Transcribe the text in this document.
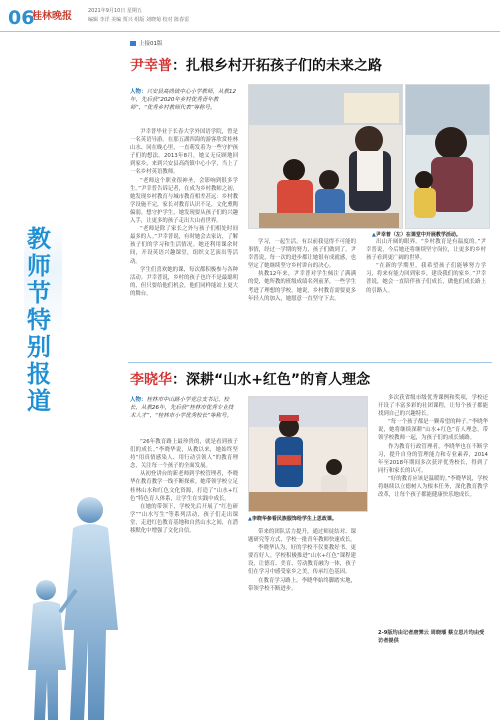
06
桂林晚报	2021年9月10日 星期五
编辑 李洋 美编 贾兴 组版 刘晓菊 校对 陈春雷
上接01版
教
师
节
特
别
报
道
尹幸普：扎根乡村开拓孩子们的未来之路
人物：兴安县高尚镇中心小学教师，从教12年，先后获“2020年乡村优秀青年教师”、“优秀乡村教师代表”等称号。

尹幸普毕业于长春大学外国语学院，曾是一名英语导游。在那五湖四海的游客欣赏桂林山水、同在晚心里，一直萌发着为一些守护孩子们的想法。2013年8月，她义无反顾地回到家乡，来到兴安县高尚镇中心小学，当上了一名乡村英语教师。

“老师这个职业很神圣，会影响到很多学生。”尹幸普告诉记者，在成为乡村教师之初，她发现乡村教育与城市教育相差甚远：乡村教学设施不完，家长对教育认识不足，文化熏陶偏弱。想守护学生，她发现要从孩子们的兴趣入手，让更多的孩子走出大山看世界。

“老师是除了家长之外与孩子们相处时间最多的人。”尹幸普说，有时她会去家访，了解孩子们的学习和生活情况。她还利用课余时间，开设英语兴趣课堂，组织文艺演出等活动。

学生们喜欢她的课，每次都积极参与各种活动。尹幸普说，乡村的孩子也许不是最聪明的，但只要给他们机会，他们同样能站上更大的舞台。

学习，一起生活。有以前我觉得不可能的事情，经过一学期的努力，孩子们做到了。尹幸普说，每一次的进步都让她很有成就感，也坚定了她继续坚守乡村讲台的决心。

执教12年来，尹幸普对学生倾注了满满的爱，她所教的班级成绩名列前茅，一些学生考进了理想的学校。她说，乡村教育需要更多年轻人的加入，她愿意一直坚守下去。

出山开阔的眼界。“乡村教育是有温度的。”尹幸普说，今后她还将继续坚守岗位，让更多的乡村孩子看到更广阔的世界。

“在新的学期里，我希望孩子们能够努力学习，将来有能力回到家乡，建设我们的家乡。”尹幸普说，她会一直陪伴孩子们成长，做他们成长路上的引路人。

▲尹幸普（左）在课堂中开展教学活动。
李晓华：深耕“山水+红色”的育人理念
▲李晓华参看民族服饰给学生上思政课。
人物：桂林市中山路小学党总支书记、校长，从教26年，先后获“桂林市优秀专业技术人才”、“桂林市小学优秀校长”等称号。

“26年教育路上最珍贵的，就是看到孩子们的成长。”李晓华说，从教以来，她始终坚持“用真情感染人、用行动引领人”的教育理念，关注每一个孩子的全面发展。

从初登讲台的新老师到学校管理者，李晓华在教育教学一线不断探索。她带领学校立足桂林山水和红色文化资源，打造了“山水+红色”特色育人体系，让学生在实践中成长。

在她的带领下，学校先后开展了“红色研学”“山水写生”等系列活动，孩子们走出课堂，走进红色教育基地和自然山水之间，在潜移默化中增强了文化自信。	带来的团队活力提升，通过师徒结对、课题研究等方式，学校一批青年教师快速成长。

李晓华认为，好的学校不仅要教好书，更要育好人。学校积极推进“山水+红色”课程建设，让德育、美育、劳动教育融为一体，孩子们在学习中感受家乡之美，传承红色基因。

在教育学习路上，李晓华始终脚踏实地，带领学校不断进步。

多次获省级市级优秀课例和奖项，学校还开设了丰富多彩的社团课程，让每个孩子都能找到自己的兴趣特长。

“每一个孩子都是一颗希望的种子。”李晓华说，她将继续深耕“山水+红色”育人理念，带领学校教师一起，为孩子们的成长铺路。

作为教育行政管理者，李晓华也在不断学习，提升自身的管理能力和专业素养，2014年至2018年期间多次获评优秀校长，得到了同行和家长的认可。

“好的教育应该是温暖的。”李晓华说，学校将继续以立德树人为根本任务，深化教育教学改革，让每个孩子都能健康快乐地成长。

2-9版均由记者唐霁云 周晓璠 蔡立思片均由受访者提供
